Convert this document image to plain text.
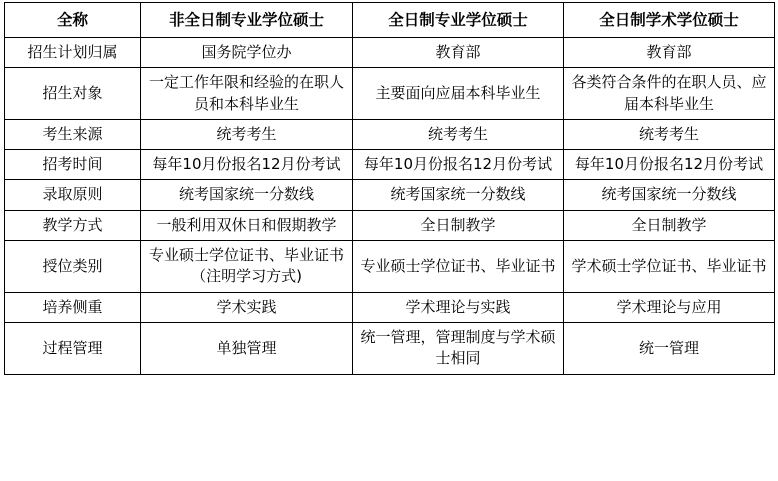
全称	非全日制专业学位硕士	全日制专业学位硕士	全日制学术学位硕士
招生计划归属	国务院学位办	教育部	教育部
招生对象	一定工作年限和经验的在职人员和本科毕业生	主要面向应届本科毕业生	各类符合条件的在职人员、应届本科毕业生
考生来源	统考考生	统考考生	统考考生
招考时间	每年10月份报名12月份考试	每年10月份报名12月份考试	每年10月份报名12月份考试
录取原则	统考国家统一分数线	统考国家统一分数线	统考国家统一分数线
教学方式	一般利用双休日和假期教学	全日制教学	全日制教学
授位类别	专业硕士学位证书、毕业证书（注明学习方式)	专业硕士学位证书、毕业证书	学术硕士学位证书、毕业证书
培养侧重	学术实践	学术理论与实践	学术理论与应用
过程管理	单独管理	统一管理，管理制度与学术硕士相同	统一管理
